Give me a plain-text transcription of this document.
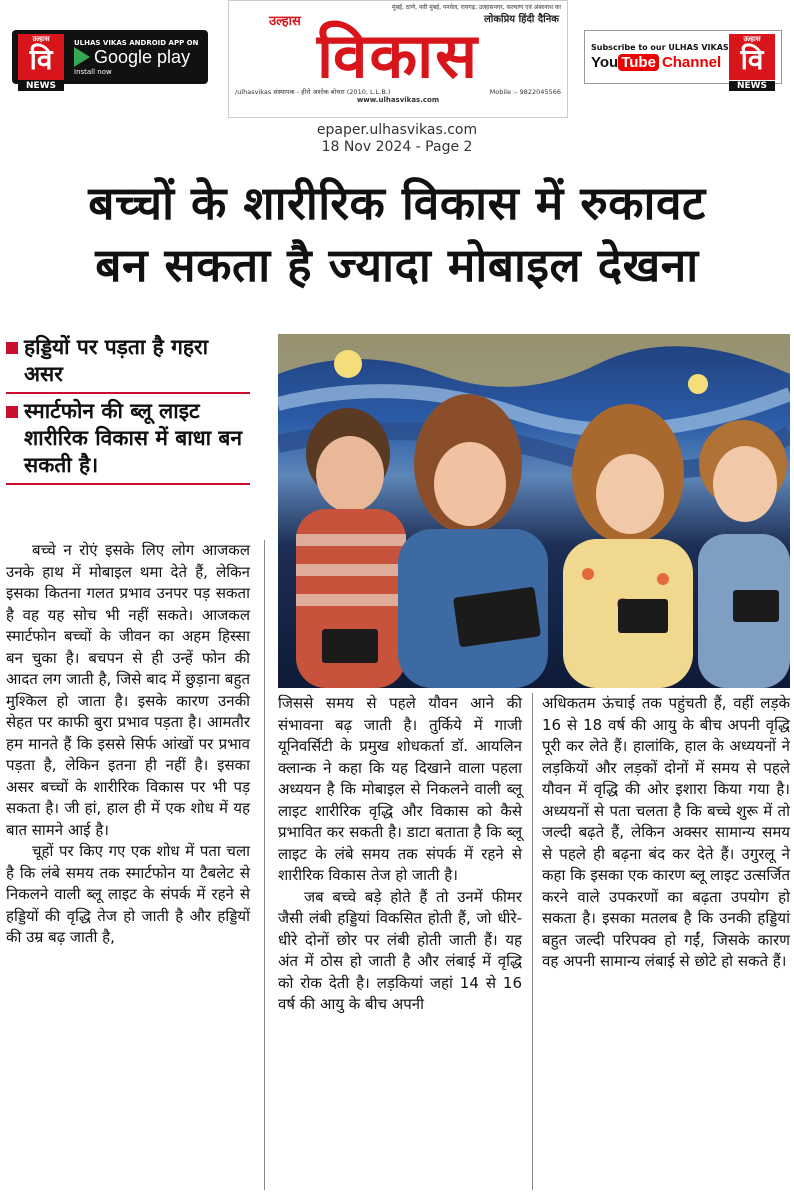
उल्हास
वि
NEWS
ULHAS VIKAS ANDROID APP ON
Google play
Install now
मुंबई, ठाणे, नवी मुंबई, पनवेल, रायगढ़, उल्हासनगर, कल्याण एवं अंबरनाथ का
लोकप्रिय हिंदी दैनिक
उल्हास विकास
/ulhasvikas संस्थापक - हीरो अशोक बोथरा (2010, L.L.B.)	Mobile :- 9822045566
www.ulhasvikas.com
Subscribe to our ULHAS VIKAS
You Tube Channel
उल्हास
वि
NEWS
epaper.ulhasvikas.com
18 Nov 2024 - Page 2
बच्चों के शारीरिक विकास में रुकावट
बन सकता है ज्यादा मोबाइल देखना
हड्डियों पर पड़ता है गहरा असर
स्मार्टफोन की ब्लू लाइट शारीरिक विकास में बाधा बन सकती है।

बच्चे न रोएं इसके लिए लोग आजकल उनके हाथ में मोबाइल थमा देते हैं, लेकिन इसका कितना गलत प्रभाव उनपर पड़ सकता है वह यह सोच भी नहीं सकते। आजकल स्मार्टफोन बच्चों के जीवन का अहम हिस्सा बन चुका है। बचपन से ही उन्हें फोन की आदत लग जाती है, जिसे बाद में छुड़ाना बहुत मुश्किल हो जाता है। इसके कारण उनकी सेहत पर काफी बुरा प्रभाव पड़ता है। आमतौर हम मानते हैं कि इससे सिर्फ आंखों पर प्रभाव पड़ता है, लेकिन इतना ही नहीं है। इसका असर बच्चों के शारीरिक विकास पर भी पड़ सकता है। जी हां, हाल ही में एक शोध में यह बात सामने आई है।

चूहों पर किए गए एक शोध में पता चला है कि लंबे समय तक स्मार्टफोन या टैबलेट से निकलने वाली ब्लू लाइट के संपर्क में रहने से हड्डियों की वृद्धि तेज हो जाती है और हड्डियों की उम्र बढ़ जाती है,

जिससे समय से पहले यौवन आने की संभावना बढ़ जाती है। तुर्किये में गाजी यूनिवर्सिटी के प्रमुख शोधकर्ता डॉ. आयलिन क्लान्क ने कहा कि यह दिखाने वाला पहला अध्ययन है कि मोबाइल से निकलने वाली ब्लू लाइट शारीरिक वृद्धि और विकास को कैसे प्रभावित कर सकती है। डाटा बताता है कि ब्लू लाइट के लंबे समय तक संपर्क में रहने से शारीरिक विकास तेज हो जाती है।

जब बच्चे बड़े होते हैं तो उनमें फीमर जैसी लंबी हड्डियां विकसित होती हैं, जो धीरे-धीरे दोनों छोर पर लंबी होती जाती हैं। यह अंत में ठोस हो जाती है और लंबाई में वृद्धि को रोक देती है। लड़कियां जहां 14 से 16 वर्ष की आयु के बीच अपनी

अधिकतम ऊंचाई तक पहुंचती हैं, वहीं लड़के 16 से 18 वर्ष की आयु के बीच अपनी वृद्धि पूरी कर लेते हैं। हालांकि, हाल के अध्ययनों ने लड़कियों और लड़कों दोनों में समय से पहले यौवन में वृद्धि की ओर इशारा किया गया है। अध्ययनों से पता चलता है कि बच्चे शुरू में तो जल्दी बढ़ते हैं, लेकिन अक्सर सामान्य समय से पहले ही बढ़ना बंद कर देते हैं। उगुरलू ने कहा कि इसका एक कारण ब्लू लाइट उत्सर्जित करने वाले उपकरणों का बढ़ता उपयोग हो सकता है। इसका मतलब है कि उनकी हड्डियां बहुत जल्दी परिपक्व हो गईं, जिसके कारण वह अपनी सामान्य लंबाई से छोटे हो सकते हैं।
